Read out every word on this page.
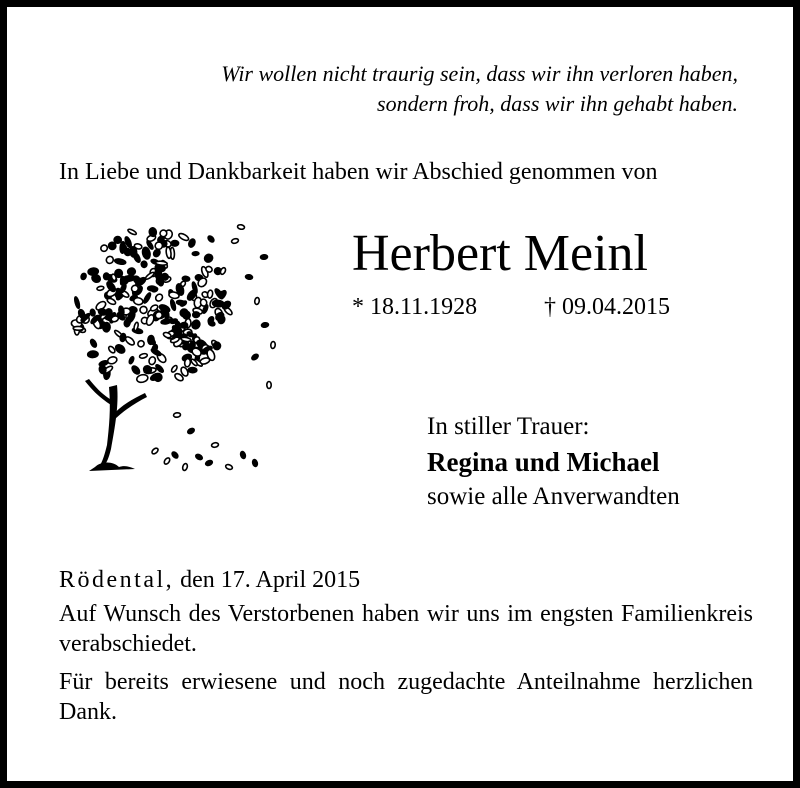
Wir wollen nicht traurig sein, dass wir ihn verloren haben,
sondern froh, dass wir ihn gehabt haben.
In Liebe und Dankbarkeit haben wir Abschied genommen von
Herbert Meinl
* 18.11.1928	† 09.04.2015
In stiller Trauer:
Regina und Michael
sowie alle Anverwandten
Rödental, den 17. April 2015
Auf Wunsch des Verstorbenen haben wir uns im engsten Familienkreis verabschiedet.
Für bereits erwiesene und noch zugedachte Anteilnahme herzlichen Dank.
